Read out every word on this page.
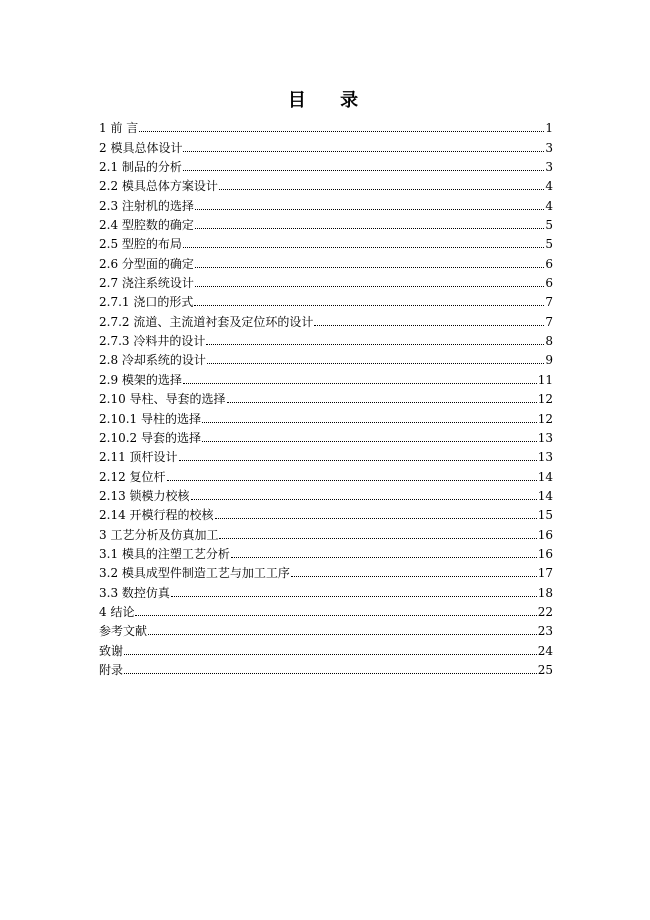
目 录
1 前 言	1
2 模具总体设计	3
2.1 制品的分析	3
2.2 模具总体方案设计	4
2.3 注射机的选择	4
2.4 型腔数的确定	5
2.5 型腔的布局	5
2.6 分型面的确定	6
2.7 浇注系统设计	6
2.7.1 浇口的形式	7
2.7.2 流道、主流道衬套及定位环的设计	7
2.7.3 冷料井的设计	8
2.8 冷却系统的设计	9
2.9 模架的选择	11
2.10 导柱、导套的选择	12
2.10.1 导柱的选择	12
2.10.2 导套的选择	13
2.11 顶杆设计	13
2.12 复位杆	14
2.13 锁模力校核	14
2.14 开模行程的校核	15
3 工艺分析及仿真加工	16
3.1 模具的注塑工艺分析	16
3.2 模具成型件制造工艺与加工工序	17
3.3 数控仿真	18
4 结论	22
参考文献	23
致谢	24
附录	25
